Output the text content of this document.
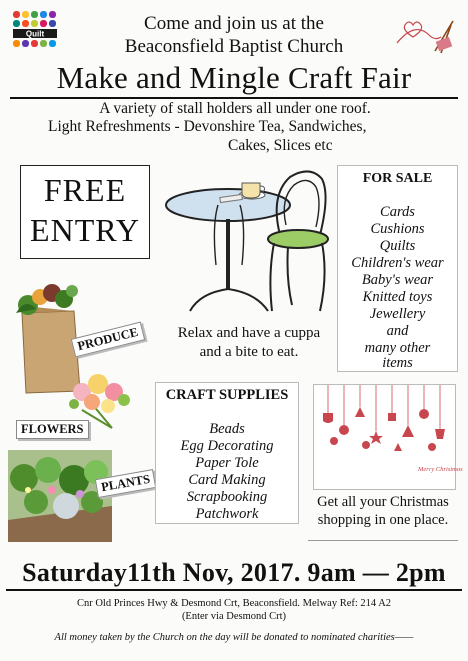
Quilt	Come and join us at the
Beaconsfield Baptist Church
Make and Mingle Craft Fair
A variety of stall holders all under one roof.
Light Refreshments - Devonshire Tea, Sandwiches,
Cakes, Slices etc
FREE
ENTRY
FOR SALE
Cards
Cushions
Quilts
Children's wear
Baby's wear
Knitted toys
Jewellery
and
many other
items
PRODUCE
FLOWERS
PLANTS
Relax and have a cuppa
and a bite to eat.
CRAFT SUPPLIES
Beads
Egg Decorating
Paper Tole
Card Making
Scrapbooking
Patchwork
Merry Christmas
Get all your Christmas
shopping in one place.
Saturday11th Nov, 2017. 9am — 2pm
Cnr Old Princes Hwy & Desmond Crt, Beaconsfield. Melway Ref: 214 A2
(Enter via Desmond Crt)
All money taken by the Church on the day will be donated to nominated charities——
